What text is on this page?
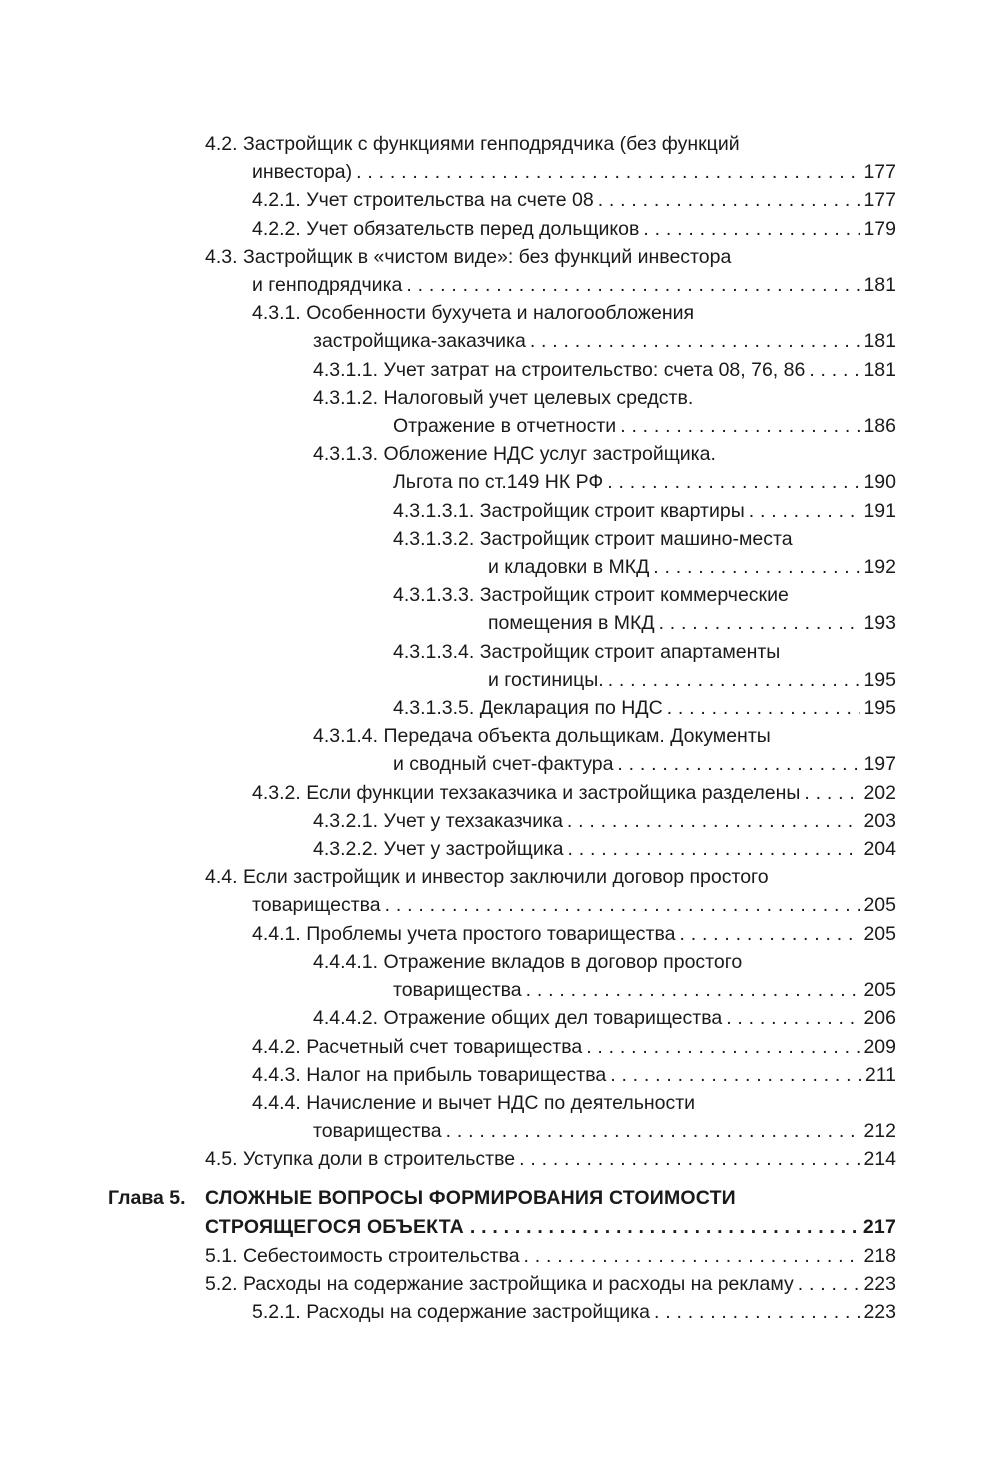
4.2. Застройщик с функциями генподрядчика (без функций
инвестора) . . .	177
4.2.1. Учет строительства на счете 08 . . .	177
4.2.2. Учет обязательств перед дольщиков . . .	179
4.3. Застройщик в «чистом виде»: без функций инвестора
и генподрядчика . . .	181
4.3.1. Особенности бухучета и налогообложения
застройщика-заказчика . . .	181
4.3.1.1. Учет затрат на строительство: счета 08, 76, 86 . . .	181
4.3.1.2. Налоговый учет целевых средств.
Отражение в отчетности . . .	186
4.3.1.3. Обложение НДС услуг застройщика.
Льгота по ст.149 НК РФ . . .	190
4.3.1.3.1. Застройщик строит квартиры . . .	191
4.3.1.3.2. Застройщик строит машино-места
и кладовки в МКД . . .	192
4.3.1.3.3. Застройщик строит коммерческие
помещения в МКД . . .	193
4.3.1.3.4. Застройщик строит апартаменты
и гостиницы. . . .	195
4.3.1.3.5. Декларация по НДС . . .	195
4.3.1.4. Передача объекта дольщикам. Документы
и сводный счет-фактура . . .	197
4.3.2. Если функции техзаказчика и застройщика разделены . . .	202
4.3.2.1. Учет у техзаказчика . . .	203
4.3.2.2. Учет у застройщика . . .	204
4.4. Если застройщик и инвестор заключили договор простого
товарищества . . .	205
4.4.1. Проблемы учета простого товарищества . . .	205
4.4.4.1. Отражение вкладов в договор простого
товарищества . . .	205
4.4.4.2. Отражение общих дел товарищества . . .	206
4.4.2. Расчетный счет товарищества . . .	209
4.4.3. Налог на прибыль товарищества . . .	211
4.4.4. Начисление и вычет НДС по деятельности
товарищества . . .	212
4.5. Уступка доли в строительстве . . .	214
Глава 5. СЛОЖНЫЕ ВОПРОСЫ ФОРМИРОВАНИЯ СТОИМОСТИ
СТРОЯЩЕГОСЯ ОБЪЕКТА . . .	217
5.1. Себестоимость строительства . . .	218
5.2. Расходы на содержание застройщика и расходы на рекламу . . .	223
5.2.1. Расходы на содержание застройщика . . .	223
